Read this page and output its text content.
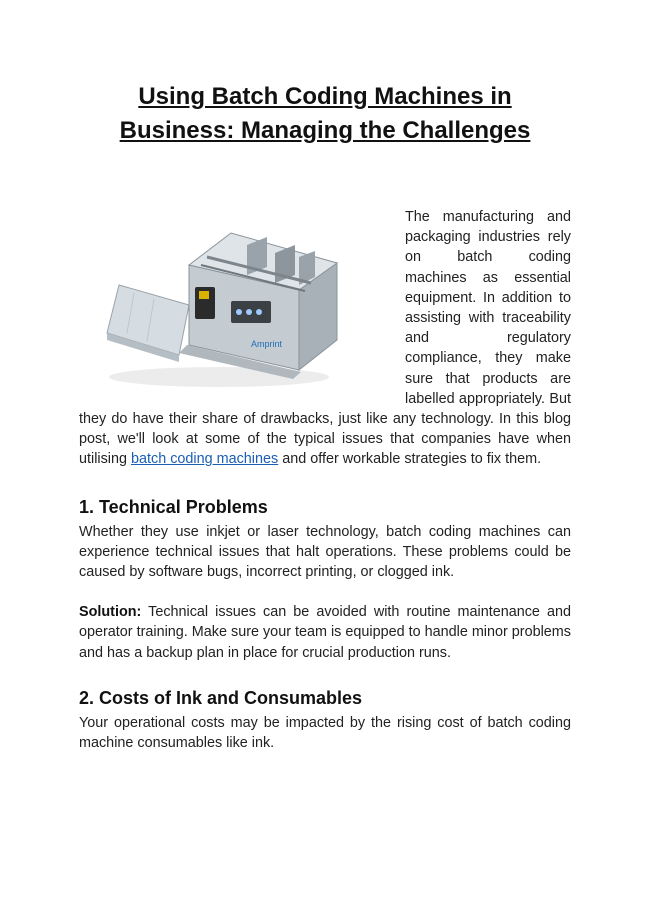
Using Batch Coding Machines in
Business: Managing the Challenges
Amprint

The manufacturing and packaging industries rely on batch coding machines as essential equipment. In addition to assisting with traceability and regulatory compliance, they make sure that products are labelled appropriately. But they do have their share of drawbacks, just like any technology. In this blog post, we'll look at some of the typical issues that companies have when utilising batch coding machines and offer workable strategies to fix them.

1. Technical Problems

Whether they use inkjet or laser technology, batch coding machines can experience technical issues that halt operations. These problems could be caused by software bugs, incorrect printing, or clogged ink.

Solution: Technical issues can be avoided with routine maintenance and operator training. Make sure your team is equipped to handle minor problems and has a backup plan in place for crucial production runs.

2. Costs of Ink and Consumables

Your operational costs may be impacted by the rising cost of batch coding machine consumables like ink.
